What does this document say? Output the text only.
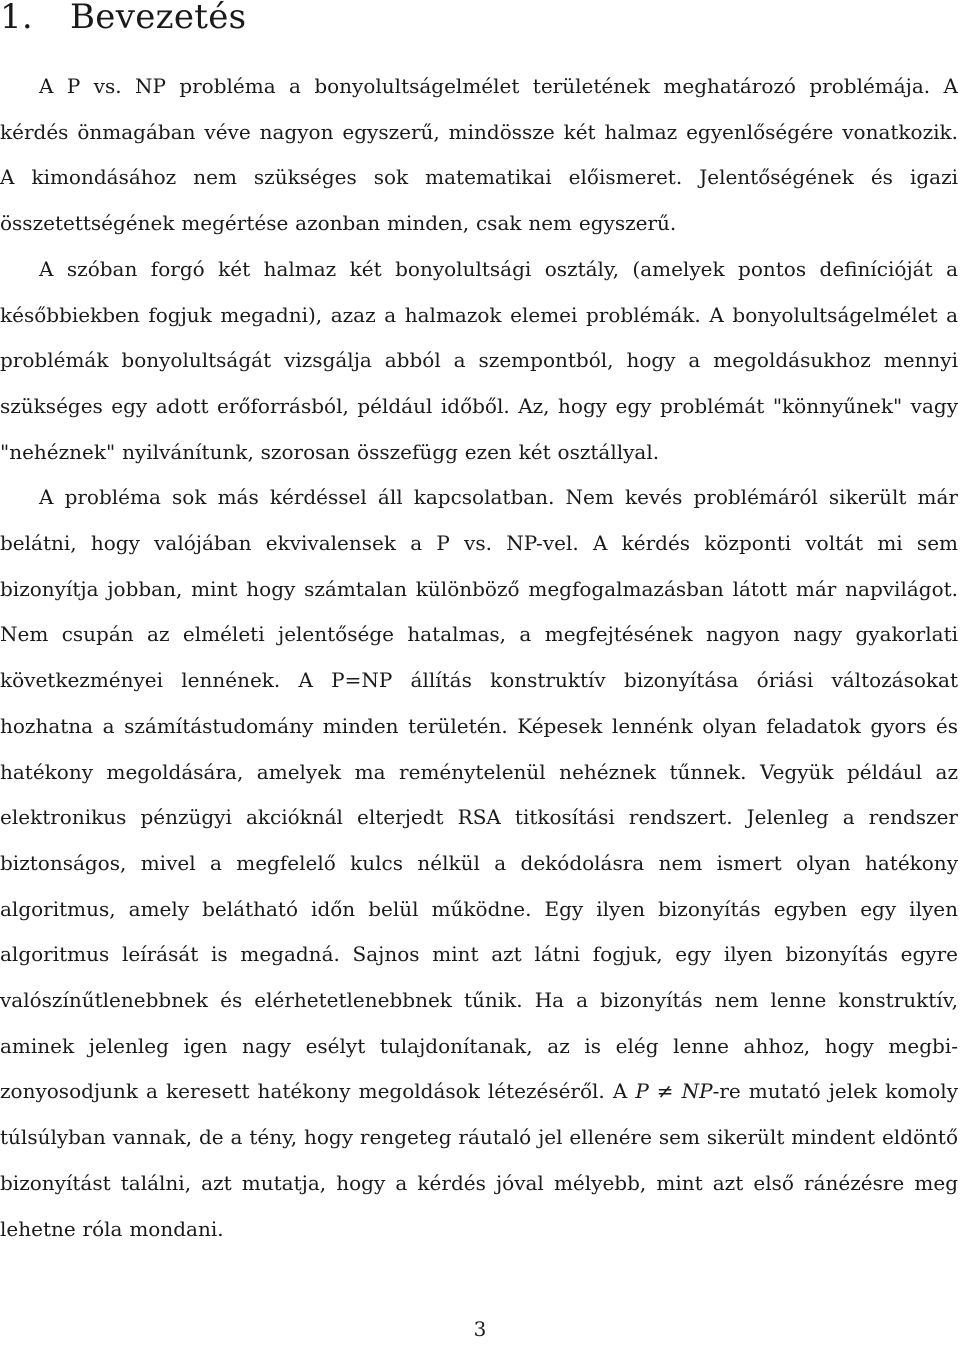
1. Bevezetés

A P vs. NP probléma a bonyolultságelmélet területének meghatározó problémája. A kérdés önmagában véve nagyon egyszerű, mindössze két halmaz egyenlőségére vonatkozik. A kimondásához nem szükséges sok matematikai előismeret. Jelentőségének és igazi összetettségének megértése azonban minden, csak nem egyszerű.

A szóban forgó két halmaz két bonyolultsági osztály, (amelyek pontos definícióját a későbbiekben fogjuk megadni), azaz a halmazok elemei problémák. A bonyolultságelmélet a problémák bonyolultságát vizsgálja abból a szempontból, hogy a megoldásukhoz mennyi szükséges egy adott erőforrásból, például időből. Az, hogy egy problémát "könnyűnek" vagy "nehéznek" nyilvánítunk, szorosan összefügg ezen két osztállyal.

A probléma sok más kérdéssel áll kapcsolatban. Nem kevés problémáról sikerült már belátni, hogy valójában ekvivalensek a P vs. NP-vel. A kérdés központi voltát mi sem bizonyítja jobban, mint hogy számtalan különböző megfogalmazásban látott már napvilágot. Nem csupán az elméleti jelentősége hatalmas, a megfejtésének nagyon nagy gyakorlati következményei lennének. A P=NP állítás konstruktív bizonyítása óriási változásokat hozhatna a számítástudomány minden területén. Képesek lennénk olyan feladatok gyors és hatékony megoldására, amelyek ma reménytelenül nehéznek tűnnek. Vegyük például az elektronikus pénzügyi akcióknál elterjedt RSA titkosítási rendszert. Jelenleg a rendszer biztonságos, mivel a megfelelő kulcs nélkül a dekódolásra nem ismert olyan hatékony algoritmus, amely belátható időn belül működne. Egy ilyen bizonyítás egyben egy ilyen algoritmus leírását is megadná. Sajnos mint azt látni fogjuk, egy ilyen bizonyítás egyre valószínűtlenebbnek és elérhetetlenebbnek tűnik. Ha a bizonyítás nem lenne konstruktív, aminek jelenleg igen nagy esélyt tulajdonítanak, az is elég lenne ahhoz, hogy megbizonyosodjunk a keresett hatékony megoldások létezéséről. A P ≠ NP-re mutató jelek komoly túlsúlyban vannak, de a tény, hogy rengeteg ráutaló jel ellenére sem sikerült mindent eldöntő bizonyítást találni, azt mutatja, hogy a kérdés jóval mélyebb, mint azt első ránézésre meg lehetne róla mondani.

3
